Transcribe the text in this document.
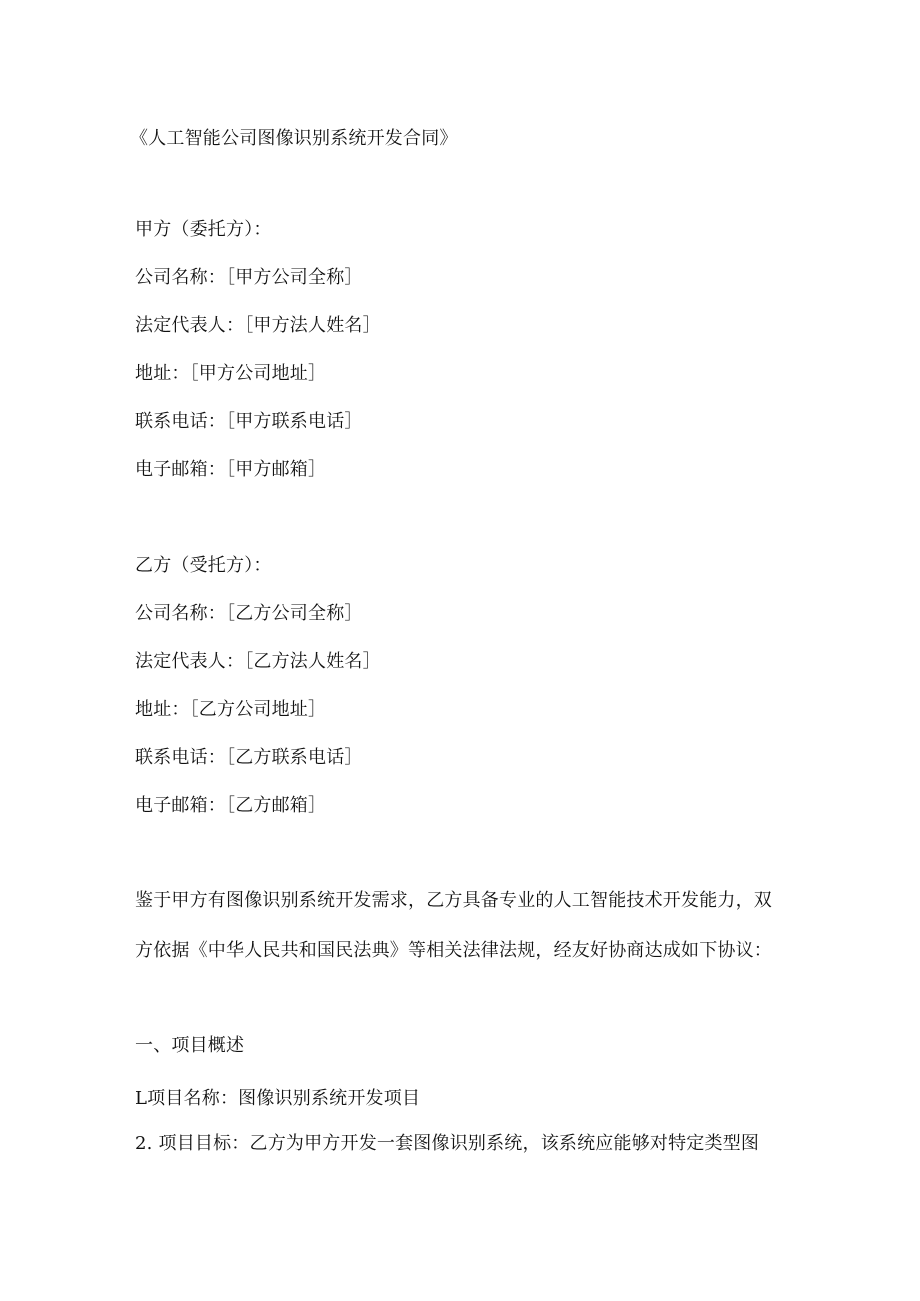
《人工智能公司图像识别系统开发合同》
甲方（委托方）：
公司名称：［甲方公司全称］
法定代表人：［甲方法人姓名］
地址：［甲方公司地址］
联系电话：［甲方联系电话］
电子邮箱：［甲方邮箱］
乙方（受托方）：
公司名称：［乙方公司全称］
法定代表人：［乙方法人姓名］
地址：［乙方公司地址］
联系电话：［乙方联系电话］
电子邮箱：［乙方邮箱］
鉴于甲方有图像识别系统开发需求，乙方具备专业的人工智能技术开发能力，双
方依据《中华人民共和国民法典》等相关法律法规，经友好协商达成如下协议：
一、项目概述
L项目名称：图像识别系统开发项目
2. 项目目标：乙方为甲方开发一套图像识别系统，该系统应能够对特定类型图
